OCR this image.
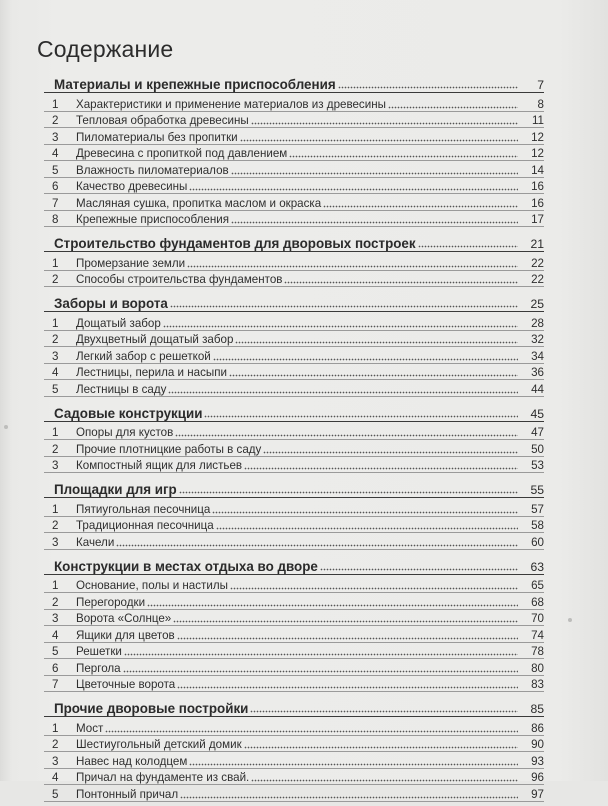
Содержание
Материалы и крепежные приспособления	7
1	Характеристики и применение материалов из древесины	8
2	Тепловая обработка древесины	11
3	Пиломатериалы без пропитки	12
4	Древесина с пропиткой под давлением	12
5	Влажность пиломатериалов	14
6	Качество древесины	16
7	Масляная сушка, пропитка маслом и окраска	16
8	Крепежные приспособления	17
Строительство фундаментов для дворовых построек	21
1	Промерзание земли	22
2	Способы строительства фундаментов	22
Заборы и ворота	25
1	Дощатый забор	28
2	Двухцветный дощатый забор	32
3	Легкий забор с решеткой	34
4	Лестницы, перила и насыпи	36
5	Лестницы в саду	44
Садовые конструкции	45
1	Опоры для кустов	47
2	Прочие плотницкие работы в саду	50
3	Компостный ящик для листьев	53
Площадки для игр	55
1	Пятиугольная песочница	57
2	Традиционная песочница	58
3	Качели	60
Конструкции в местах отдыха во дворе	63
1	Основание, полы и настилы	65
2	Перегородки	68
3	Ворота «Солнце»	70
4	Ящики для цветов	74
5	Решетки	78
6	Пергола	80
7	Цветочные ворота	83
Прочие дворовые постройки	85
1	Мост	86
2	Шестиугольный детский домик	90
3	Навес над колодцем	93
4	Причал на фундаменте из свай.	96
5	Понтонный причал	97
